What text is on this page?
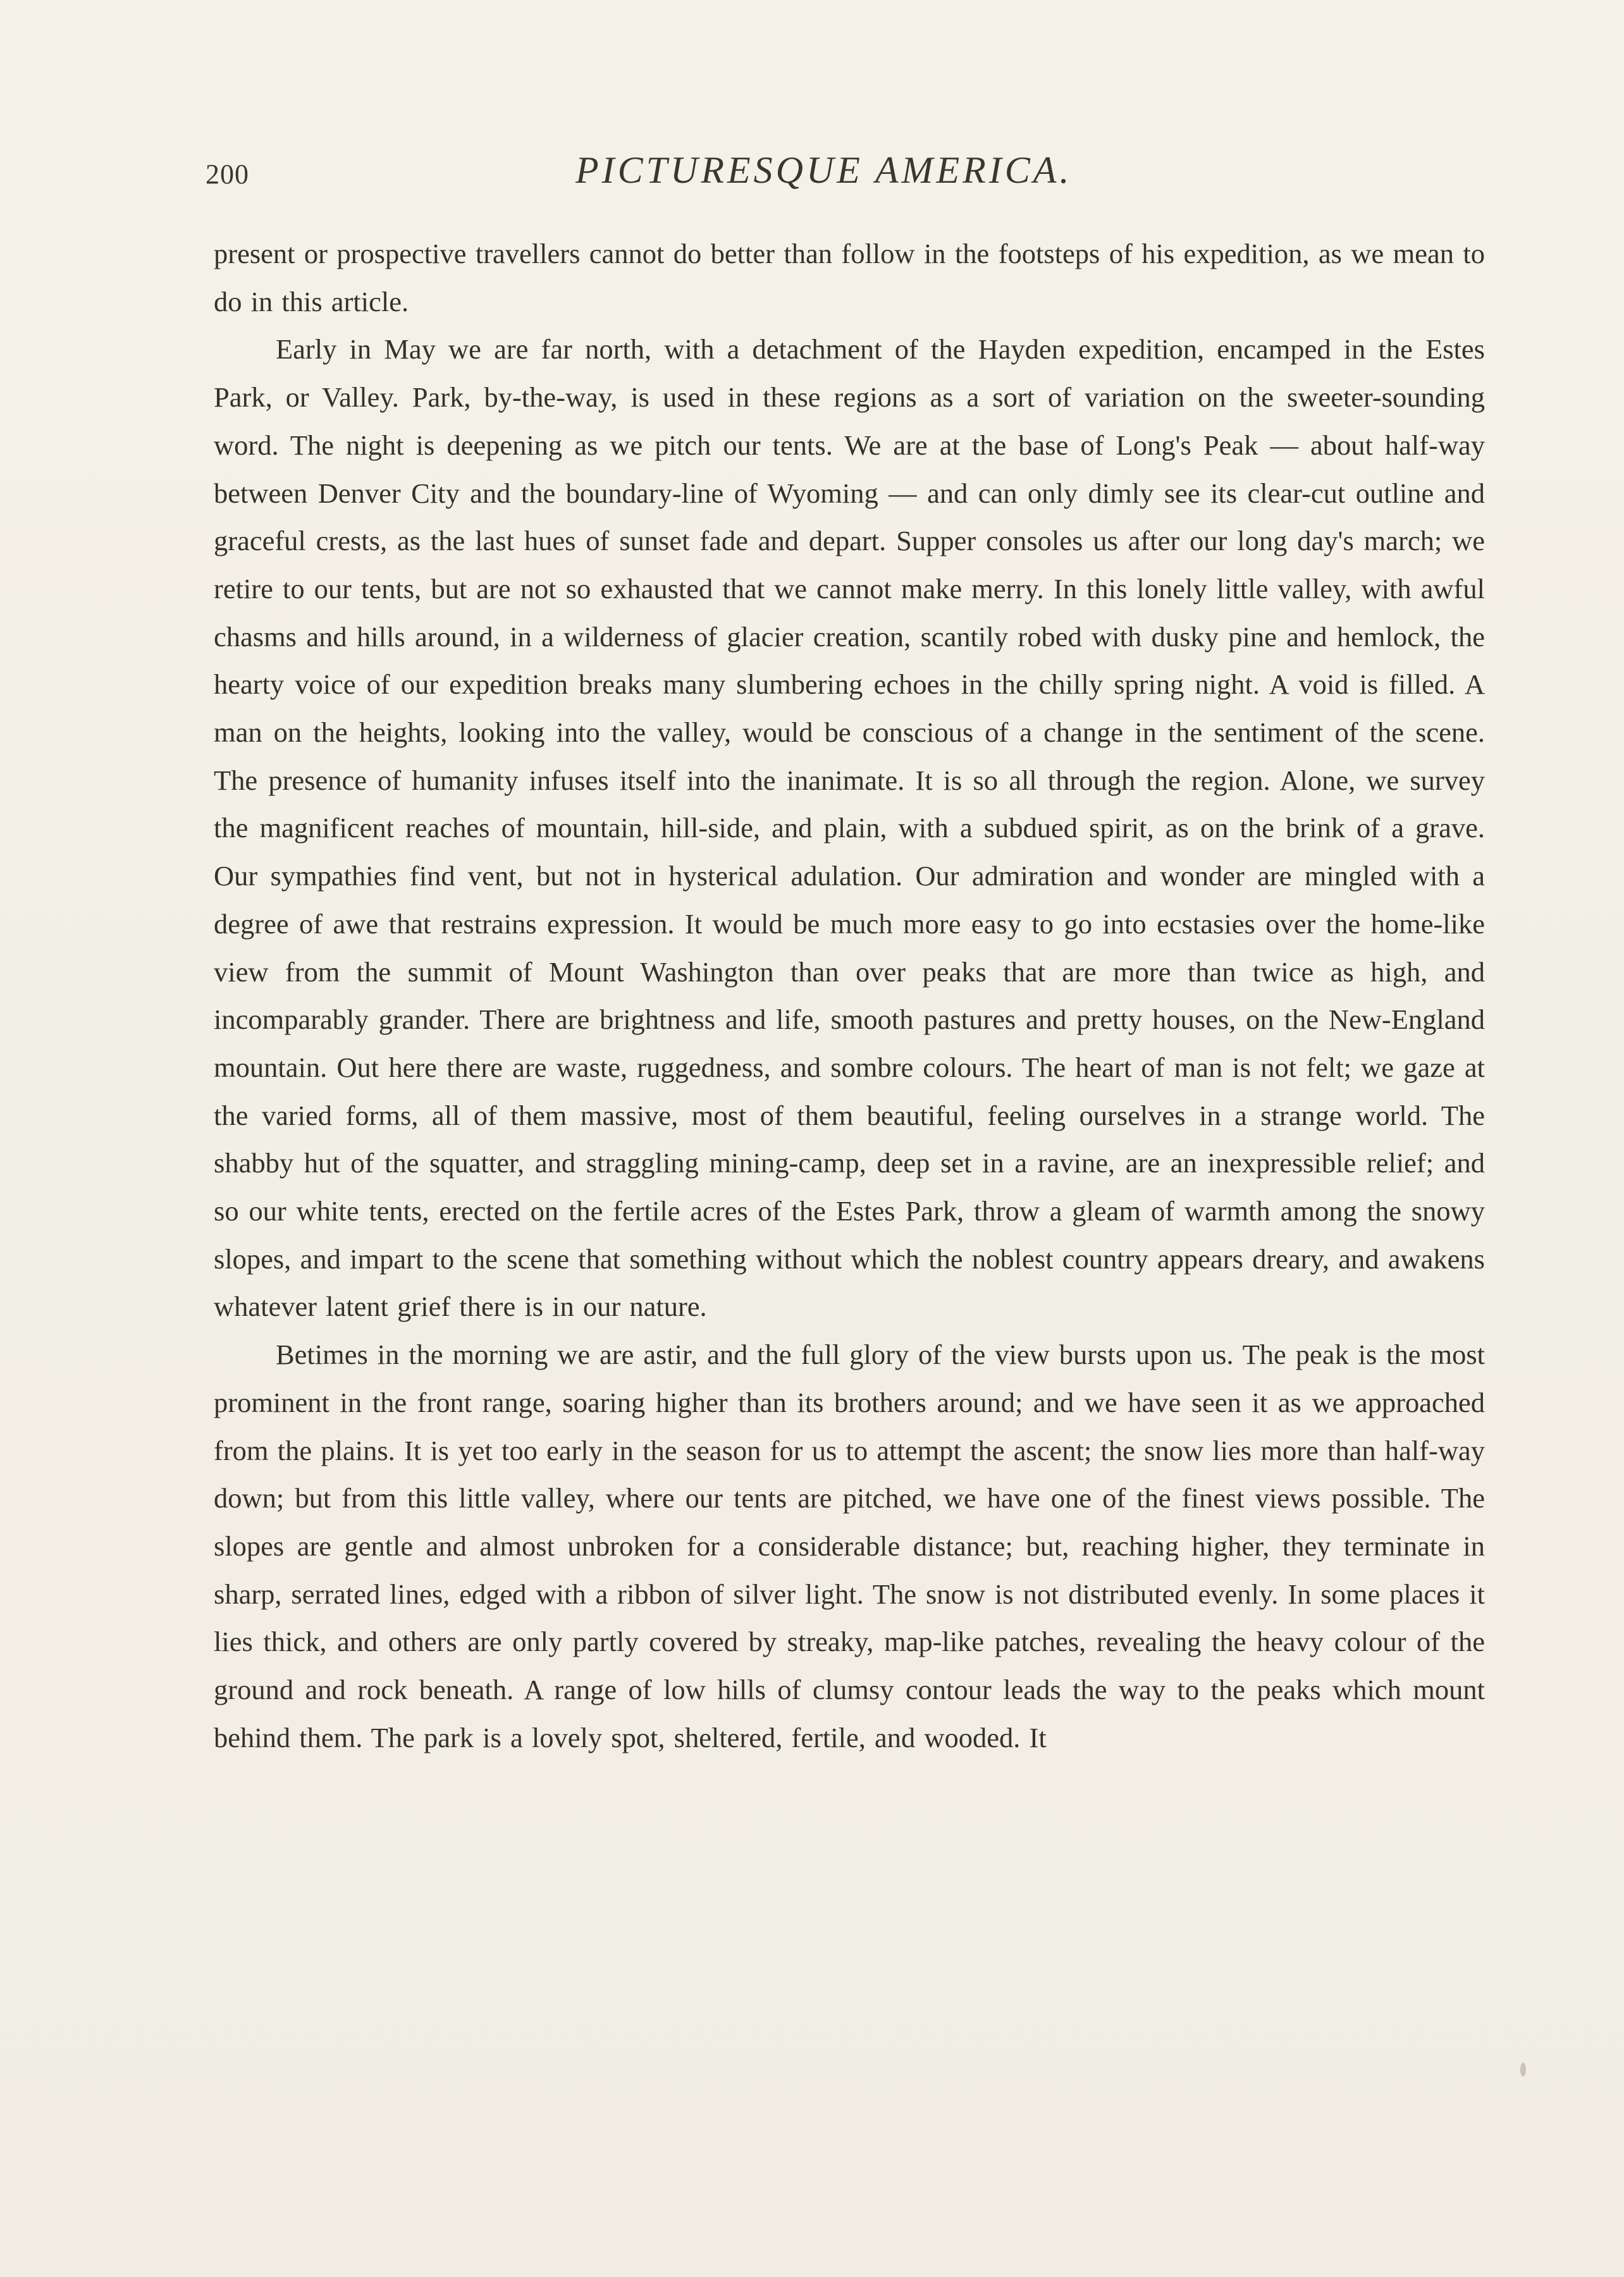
200	PICTURESQUE AMERICA.

present or prospective travellers cannot do better than follow in the footsteps of his expedition, as we mean to do in this article.

Early in May we are far north, with a detachment of the Hayden expedition, encamped in the Estes Park, or Valley. Park, by-the-way, is used in these regions as a sort of variation on the sweeter-sounding word. The night is deepening as we pitch our tents. We are at the base of Long's Peak — about half-way between Denver City and the boundary-line of Wyoming — and can only dimly see its clear-cut outline and graceful crests, as the last hues of sunset fade and depart. Supper consoles us after our long day's march; we retire to our tents, but are not so exhausted that we cannot make merry. In this lonely little valley, with awful chasms and hills around, in a wilderness of glacier creation, scantily robed with dusky pine and hemlock, the hearty voice of our expedition breaks many slumbering echoes in the chilly spring night. A void is filled. A man on the heights, looking into the valley, would be conscious of a change in the sentiment of the scene. The presence of humanity infuses itself into the inanimate. It is so all through the region. Alone, we survey the magnificent reaches of mountain, hill-side, and plain, with a subdued spirit, as on the brink of a grave. Our sympathies find vent, but not in hysterical adulation. Our admiration and wonder are mingled with a degree of awe that restrains expression. It would be much more easy to go into ecstasies over the home-like view from the summit of Mount Washington than over peaks that are more than twice as high, and incomparably grander. There are brightness and life, smooth pastures and pretty houses, on the New-England mountain. Out here there are waste, ruggedness, and sombre colours. The heart of man is not felt; we gaze at the varied forms, all of them massive, most of them beautiful, feeling ourselves in a strange world. The shabby hut of the squatter, and straggling mining-camp, deep set in a ravine, are an inexpressible relief; and so our white tents, erected on the fertile acres of the Estes Park, throw a gleam of warmth among the snowy slopes, and impart to the scene that something without which the noblest country appears dreary, and awakens whatever latent grief there is in our nature.

Betimes in the morning we are astir, and the full glory of the view bursts upon us. The peak is the most prominent in the front range, soaring higher than its brothers around; and we have seen it as we approached from the plains. It is yet too early in the season for us to attempt the ascent; the snow lies more than half-way down; but from this little valley, where our tents are pitched, we have one of the finest views possible. The slopes are gentle and almost unbroken for a considerable distance; but, reaching higher, they terminate in sharp, serrated lines, edged with a ribbon of silver light. The snow is not distributed evenly. In some places it lies thick, and others are only partly covered by streaky, map-like patches, revealing the heavy colour of the ground and rock beneath. A range of low hills of clumsy contour leads the way to the peaks which mount behind them. The park is a lovely spot, sheltered, fertile, and wooded. It
